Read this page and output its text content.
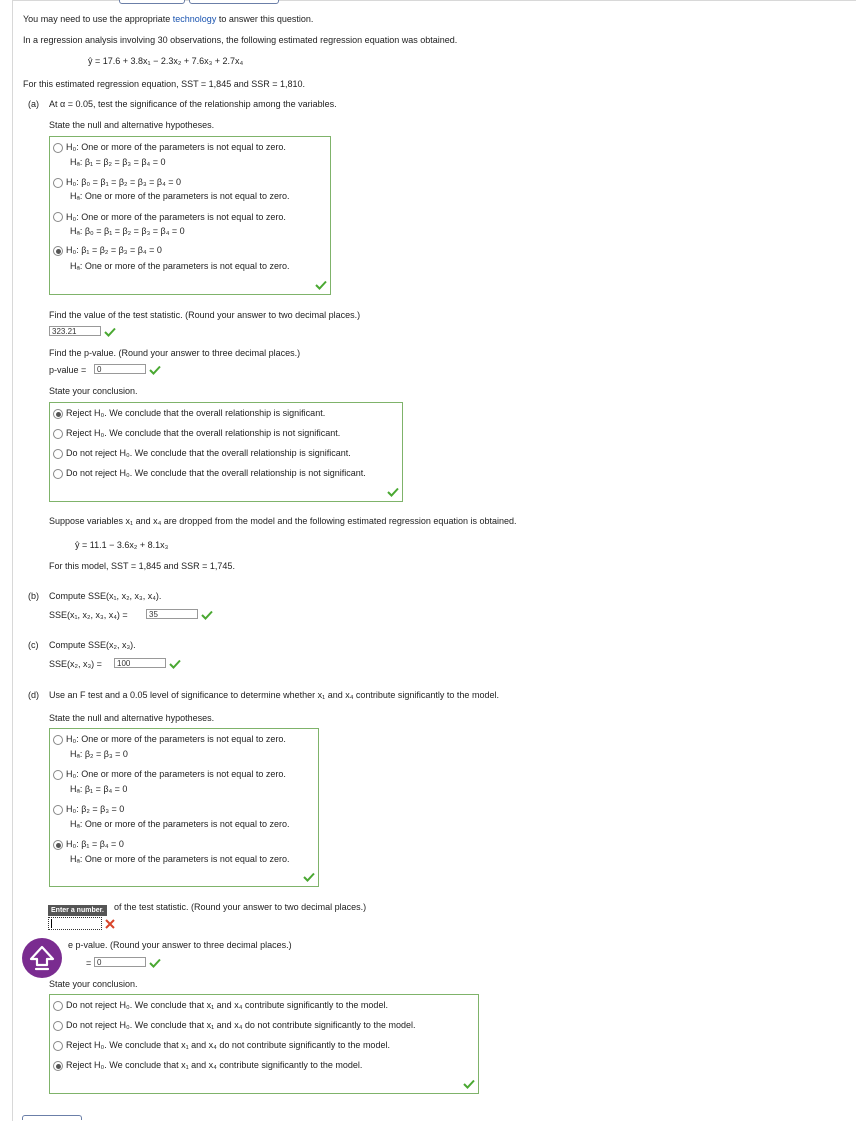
You may need to use the appropriate technology to answer this question.
In a regression analysis involving 30 observations, the following estimated regression equation was obtained.
ŷ = 17.6 + 3.8x₁ − 2.3x₂ + 7.6x₃ + 2.7x₄
For this estimated regression equation, SST = 1,845 and SSR = 1,810.
(a) At α = 0.05, test the significance of the relationship among the variables.
State the null and alternative hypotheses.
H₀: One or more of the parameters is not equal to zero.
Hₐ: β₁ = β₂ = β₃ = β₄ = 0
H₀: β₀ = β₁ = β₂ = β₃ = β₄ = 0
Hₐ: One or more of the parameters is not equal to zero.
H₀: One or more of the parameters is not equal to zero.
Hₐ: β₀ = β₁ = β₂ = β₃ = β₄ = 0
H₀: β₁ = β₂ = β₃ = β₄ = 0
Hₐ: One or more of the parameters is not equal to zero.
Find the value of the test statistic. (Round your answer to two decimal places.)
323.21
Find the p-value. (Round your answer to three decimal places.)
p-value =	0
State your conclusion.
Reject H₀. We conclude that the overall relationship is significant.
Reject H₀. We conclude that the overall relationship is not significant.
Do not reject H₀. We conclude that the overall relationship is significant.
Do not reject H₀. We conclude that the overall relationship is not significant.
Suppose variables x₁ and x₄ are dropped from the model and the following estimated regression equation is obtained.
ŷ = 11.1 − 3.6x₂ + 8.1x₃
For this model, SST = 1,845 and SSR = 1,745.
(b) Compute SSE(x₁, x₂, x₃, x₄).
SSE(x₁, x₂, x₃, x₄) =	35
(c) Compute SSE(x₂, x₃).
SSE(x₂, x₃) =	100
(d) Use an F test and a 0.05 level of significance to determine whether x₁ and x₄ contribute significantly to the model.
State the null and alternative hypotheses.
H₀: One or more of the parameters is not equal to zero.
Hₐ: β₂ = β₃ = 0
H₀: One or more of the parameters is not equal to zero.
Hₐ: β₁ = β₄ = 0
H₀: β₂ = β₃ = 0
Hₐ: One or more of the parameters is not equal to zero.
H₀: β₁ = β₄ = 0
Hₐ: One or more of the parameters is not equal to zero.
of the test statistic. (Round your answer to two decimal places.)
Enter a number.
e p-value. (Round your answer to three decimal places.)
= 0
State your conclusion.
Do not reject H₀. We conclude that x₁ and x₄ contribute significantly to the model.
Do not reject H₀. We conclude that x₁ and x₄ do not contribute significantly to the model.
Reject H₀. We conclude that x₁ and x₄ do not contribute significantly to the model.
Reject H₀. We conclude that x₁ and x₄ contribute significantly to the model.
